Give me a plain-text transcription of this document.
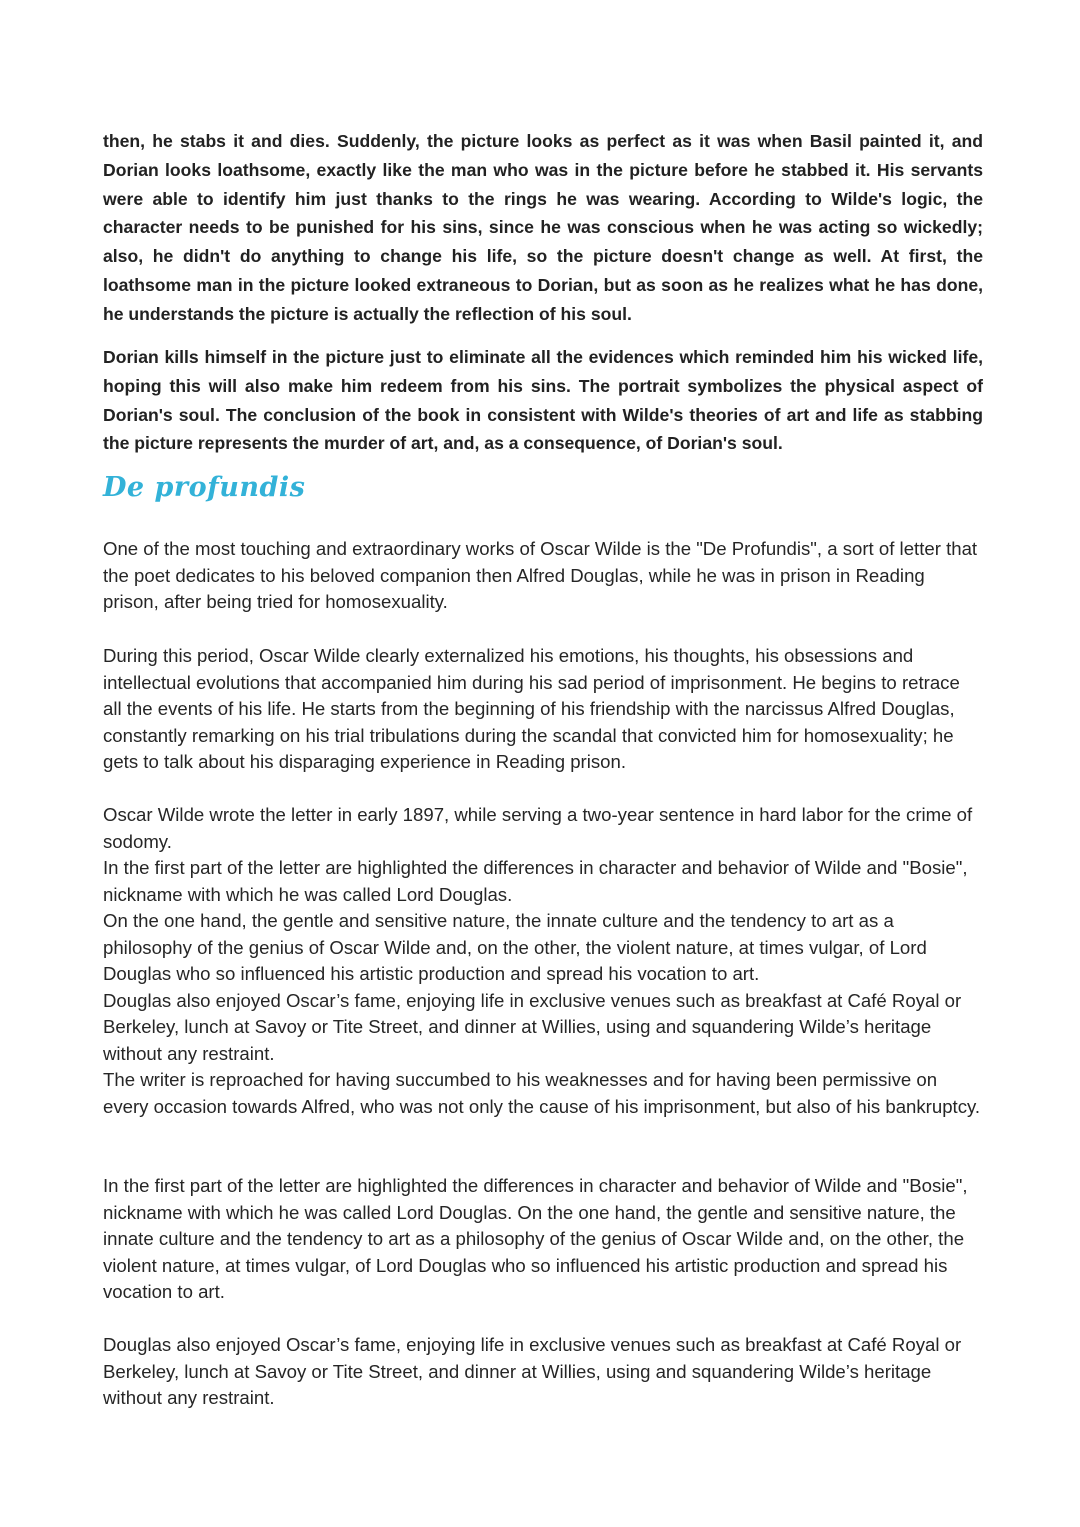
then, he stabs it and dies. Suddenly, the picture looks as perfect as it was when Basil painted it, and Dorian looks loathsome, exactly like the man who was in the picture before he stabbed it. His servants were able to identify him just thanks to the rings he was wearing. According to Wilde's logic, the character needs to be punished for his sins, since he was conscious when he was acting so wickedly; also, he didn't do anything to change his life, so the picture doesn't change as well. At first, the loathsome man in the picture looked extraneous to Dorian, but as soon as he realizes what he has done, he understands the picture is actually the reflection of his soul.
Dorian kills himself in the picture just to eliminate all the evidences which reminded him his wicked life, hoping this will also make him redeem from his sins. The portrait symbolizes the physical aspect of Dorian's soul. The conclusion of the book in consistent with Wilde's theories of art and life as stabbing the picture represents the murder of art, and, as a consequence, of Dorian's soul.
De profundis
One of the most touching and extraordinary works of Oscar Wilde is the "De Profundis", a sort of letter that the poet dedicates to his beloved companion then Alfred Douglas, while he was in prison in Reading prison, after being tried for homosexuality.
During this period, Oscar Wilde clearly externalized his emotions, his thoughts, his obsessions and intellectual evolutions that accompanied him during his sad period of imprisonment. He begins to retrace all the events of his life. He starts from the beginning of his friendship with the narcissus Alfred Douglas, constantly remarking on his trial tribulations during the scandal that convicted him for homosexuality; he gets to talk about his disparaging experience in Reading prison.

Oscar Wilde wrote the letter in early 1897, while serving a two-year sentence in hard labor for the crime of sodomy.

In the first part of the letter are highlighted the differences in character and behavior of Wilde and "Bosie", nickname with which he was called Lord Douglas.

On the one hand, the gentle and sensitive nature, the innate culture and the tendency to art as a philosophy of the genius of Oscar Wilde and, on the other, the violent nature, at times vulgar, of Lord Douglas who so influenced his artistic production and spread his vocation to art.

Douglas also enjoyed Oscar’s fame, enjoying life in exclusive venues such as breakfast at Café Royal or Berkeley, lunch at Savoy or Tite Street, and dinner at Willies, using and squandering Wilde’s heritage without any restraint.

The writer is reproached for having succumbed to his weaknesses and for having been permissive on every occasion towards Alfred, who was not only the cause of his imprisonment, but also of his bankruptcy.

In the first part of the letter are highlighted the differences in character and behavior of Wilde and "Bosie", nickname with which he was called Lord Douglas. On the one hand, the gentle and sensitive nature, the innate culture and the tendency to art as a philosophy of the genius of Oscar Wilde and, on the other, the violent nature, at times vulgar, of Lord Douglas who so influenced his artistic production and spread his vocation to art.
Douglas also enjoyed Oscar’s fame, enjoying life in exclusive venues such as breakfast at Café Royal or Berkeley, lunch at Savoy or Tite Street, and dinner at Willies, using and squandering Wilde’s heritage without any restraint.
